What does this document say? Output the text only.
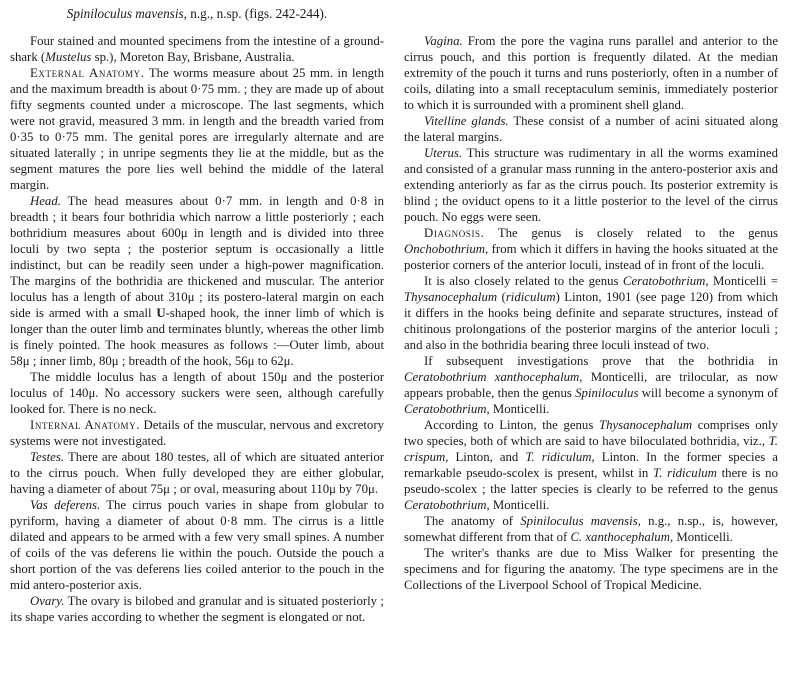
Spiniloculus mavensis, n.g., n.sp. (figs. 242-244).

Four stained and mounted specimens from the intestine of a ground-shark (Mustelus sp.), Moreton Bay, Brisbane, Australia.

External Anatomy. The worms measure about 25 mm. in length and the maximum breadth is about 0·75 mm. ; they are made up of about fifty segments counted under a microscope. The last segments, which were not gravid, measured 3 mm. in length and the breadth varied from 0·35 to 0·75 mm. The genital pores are irregularly alternate and are situated laterally ; in unripe segments they lie at the middle, but as the segment matures the pore lies well behind the middle of the lateral margin.

Head. The head measures about 0·7 mm. in length and 0·8 in breadth ; it bears four bothridia which narrow a little posteriorly ; each bothridium measures about 600μ in length and is divided into three loculi by two septa ; the posterior septum is occasionally a little indistinct, but can be readily seen under a high-power magnification. The margins of the bothridia are thickened and muscular. The anterior loculus has a length of about 310μ ; its postero-lateral margin on each side is armed with a small U-shaped hook, the inner limb of which is longer than the outer limb and terminates bluntly, whereas the other limb is finely pointed. The hook measures as follows :—Outer limb, about 58μ ; inner limb, 80μ ; breadth of the hook, 56μ to 62μ.

The middle loculus has a length of about 150μ and the posterior loculus of 140μ. No accessory suckers were seen, although carefully looked for. There is no neck.

Internal Anatomy. Details of the muscular, nervous and excretory systems were not investigated.

Testes. There are about 180 testes, all of which are situated anterior to the cirrus pouch. When fully developed they are either globular, having a diameter of about 75μ ; or oval, measuring about 110μ by 70μ.

Vas deferens. The cirrus pouch varies in shape from globular to pyriform, having a diameter of about 0·8 mm. The cirrus is a little dilated and appears to be armed with a few very small spines. A number of coils of the vas deferens lie within the pouch. Outside the pouch a short portion of the vas deferens lies coiled anterior to the pouch in the mid antero-posterior axis.

Ovary. The ovary is bilobed and granular and is situated posteriorly ; its shape varies according to whether the segment is elongated or not.

Vagina. From the pore the vagina runs parallel and anterior to the cirrus pouch, and this portion is frequently dilated. At the median extremity of the pouch it turns and runs posteriorly, often in a number of coils, dilating into a small receptaculum seminis, immediately posterior to which it is surrounded with a prominent shell gland.

Vitelline glands. These consist of a number of acini situated along the lateral margins.

Uterus. This structure was rudimentary in all the worms examined and consisted of a granular mass running in the antero-posterior axis and extending anteriorly as far as the cirrus pouch. Its posterior extremity is blind ; the oviduct opens to it a little posterior to the level of the cirrus pouch. No eggs were seen.

Diagnosis. The genus is closely related to the genus Onchobothrium, from which it differs in having the hooks situated at the posterior corners of the anterior loculi, instead of in front of the loculi.

It is also closely related to the genus Ceratobothrium, Monticelli = Thysanocephalum (ridiculum) Linton, 1901 (see page 120) from which it differs in the hooks being definite and separate structures, instead of chitinous prolongations of the posterior margins of the anterior loculi ; and also in the bothridia bearing three loculi instead of two.

If subsequent investigations prove that the bothridia in Ceratobothrium xanthocephalum, Monticelli, are trilocular, as now appears probable, then the genus Spiniloculus will become a synonym of Ceratobothrium, Monticelli.

According to Linton, the genus Thysanocephalum comprises only two species, both of which are said to have biloculated bothridia, viz., T. crispum, Linton, and T. ridiculum, Linton. In the former species a remarkable pseudo-scolex is present, whilst in T. ridiculum there is no pseudo-scolex ; the latter species is clearly to be referred to the genus Ceratobothrium, Monticelli.

The anatomy of Spiniloculus mavensis, n.g., n.sp., is, however, somewhat different from that of C. xanthocephalum, Monticelli.

The writer's thanks are due to Miss Walker for presenting the specimens and for figuring the anatomy. The type specimens are in the Collections of the Liverpool School of Tropical Medicine.
